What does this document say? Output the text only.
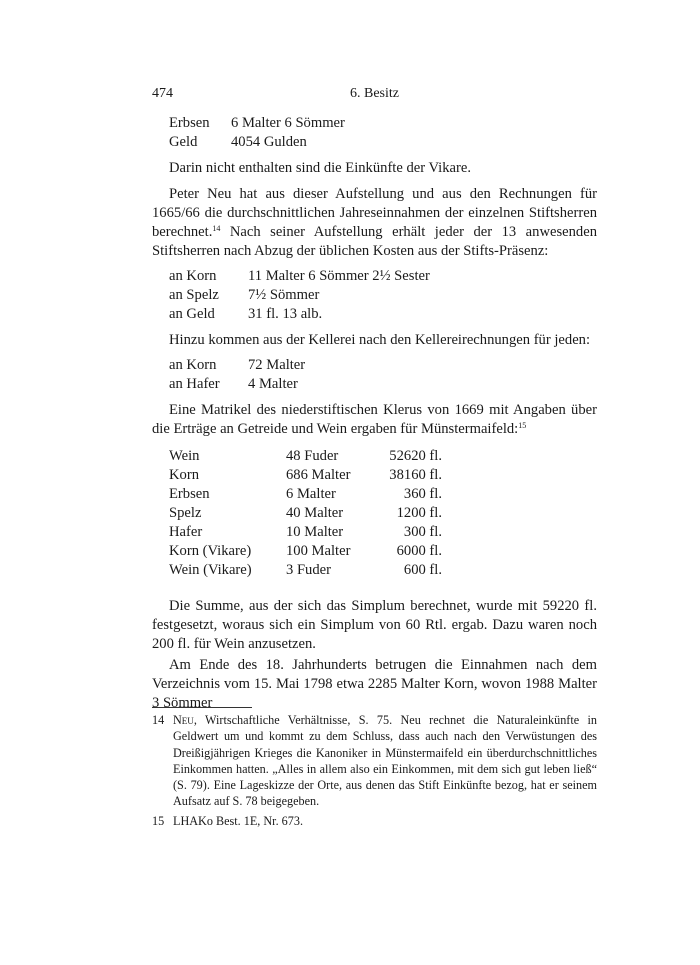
474	6. Besitz
Erbsen	6 Malter 6 Sömmer
Geld	4054 Gulden

Darin nicht enthalten sind die Einkünfte der Vikare.

Peter Neu hat aus dieser Aufstellung und aus den Rechnungen für 1665/66 die durchschnittlichen Jahreseinnahmen der einzelnen Stiftsherren berechnet.$^{14}$ Nach seiner Aufstellung erhält jeder der 13 anwesenden Stiftsherren nach Abzug der üblichen Kosten aus der Stifts-Präsenz:

an Korn	11 Malter 6 Sömmer 2½ Sester
an Spelz	7½ Sömmer
an Geld	31 fl. 13 alb.

Hinzu kommen aus der Kellerei nach den Kellereirechnungen für jeden:

an Korn	72 Malter
an Hafer	4 Malter

Eine Matrikel des niederstiftischen Klerus von 1669 mit Angaben über die Erträge an Getreide und Wein ergaben für Münstermaifeld:$^{15}$

Wein	48 Fuder	52620 fl.
Korn	686 Malter	38160 fl.
Erbsen	6 Malter	360 fl.
Spelz	40 Malter	1200 fl.
Hafer	10 Malter	300 fl.
Korn (Vikare)	100 Malter	6000 fl.
Wein (Vikare)	3 Fuder	600 fl.

Die Summe, aus der sich das Simplum berechnet, wurde mit 59220 fl. festgesetzt, woraus sich ein Simplum von 60 Rtl. ergab. Dazu waren noch 200 fl. für Wein anzusetzen.

Am Ende des 18. Jahrhunderts betrugen die Einnahmen nach dem Verzeichnis vom 15. Mai 1798 etwa 2285 Malter Korn, wovon 1988 Malter 3 Sömmer

14 Neu, Wirtschaftliche Verhältnisse, S. 75. Neu rechnet die Naturaleinkünfte in Geldwert um und kommt zu dem Schluss, dass auch nach den Verwüstungen des Dreißigjährigen Krieges die Kanoniker in Münstermaifeld ein überdurchschnittliches Einkommen hatten. „Alles in allem also ein Einkommen, mit dem sich gut leben ließ“ (S. 79). Eine Lageskizze der Orte, aus denen das Stift Einkünfte bezog, hat er seinem Aufsatz auf S. 78 beigegeben.
15 LHAKo Best. 1E, Nr. 673.
